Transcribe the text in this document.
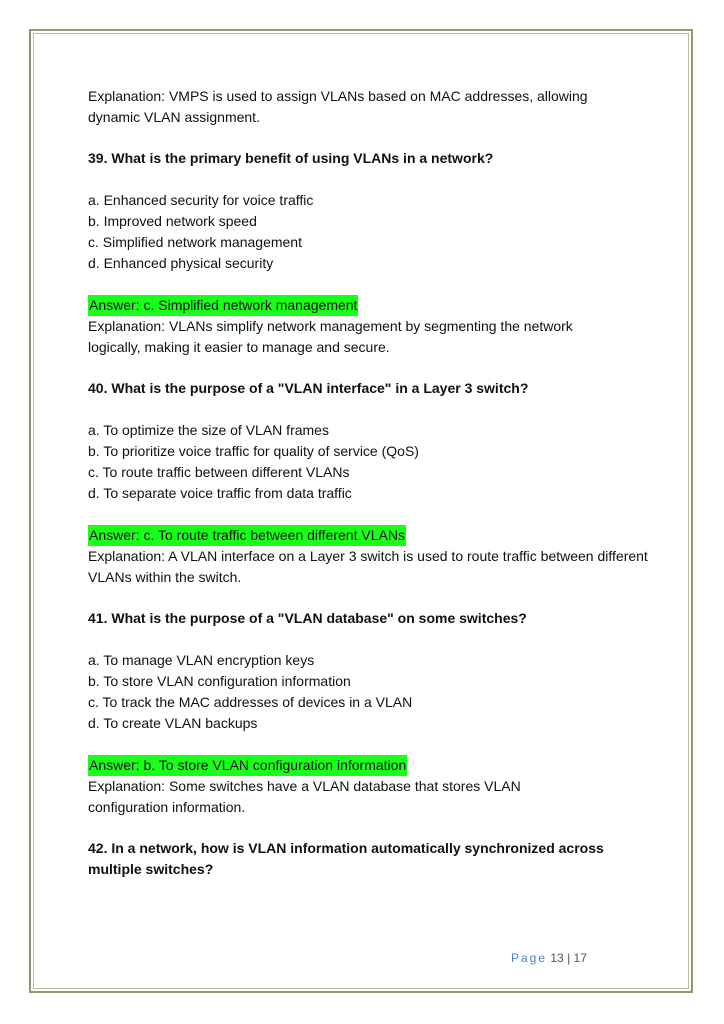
Explanation: VMPS is used to assign VLANs based on MAC addresses, allowing dynamic VLAN assignment.

39. What is the primary benefit of using VLANs in a network?

a. Enhanced security for voice traffic

b. Improved network speed

c. Simplified network management

d. Enhanced physical security

Answer: c. Simplified network management

Explanation: VLANs simplify network management by segmenting the network logically, making it easier to manage and secure.

40. What is the purpose of a "VLAN interface" in a Layer 3 switch?

a. To optimize the size of VLAN frames

b. To prioritize voice traffic for quality of service (QoS)

c. To route traffic between different VLANs

d. To separate voice traffic from data traffic

Answer: c. To route traffic between different VLANs

Explanation: A VLAN interface on a Layer 3 switch is used to route traffic between different VLANs within the switch.

41. What is the purpose of a "VLAN database" on some switches?

a. To manage VLAN encryption keys

b. To store VLAN configuration information

c. To track the MAC addresses of devices in a VLAN

d. To create VLAN backups

Answer: b. To store VLAN configuration information

Explanation: Some switches have a VLAN database that stores VLAN configuration information.

42. In a network, how is VLAN information automatically synchronized across multiple switches?

Page 13 | 17
